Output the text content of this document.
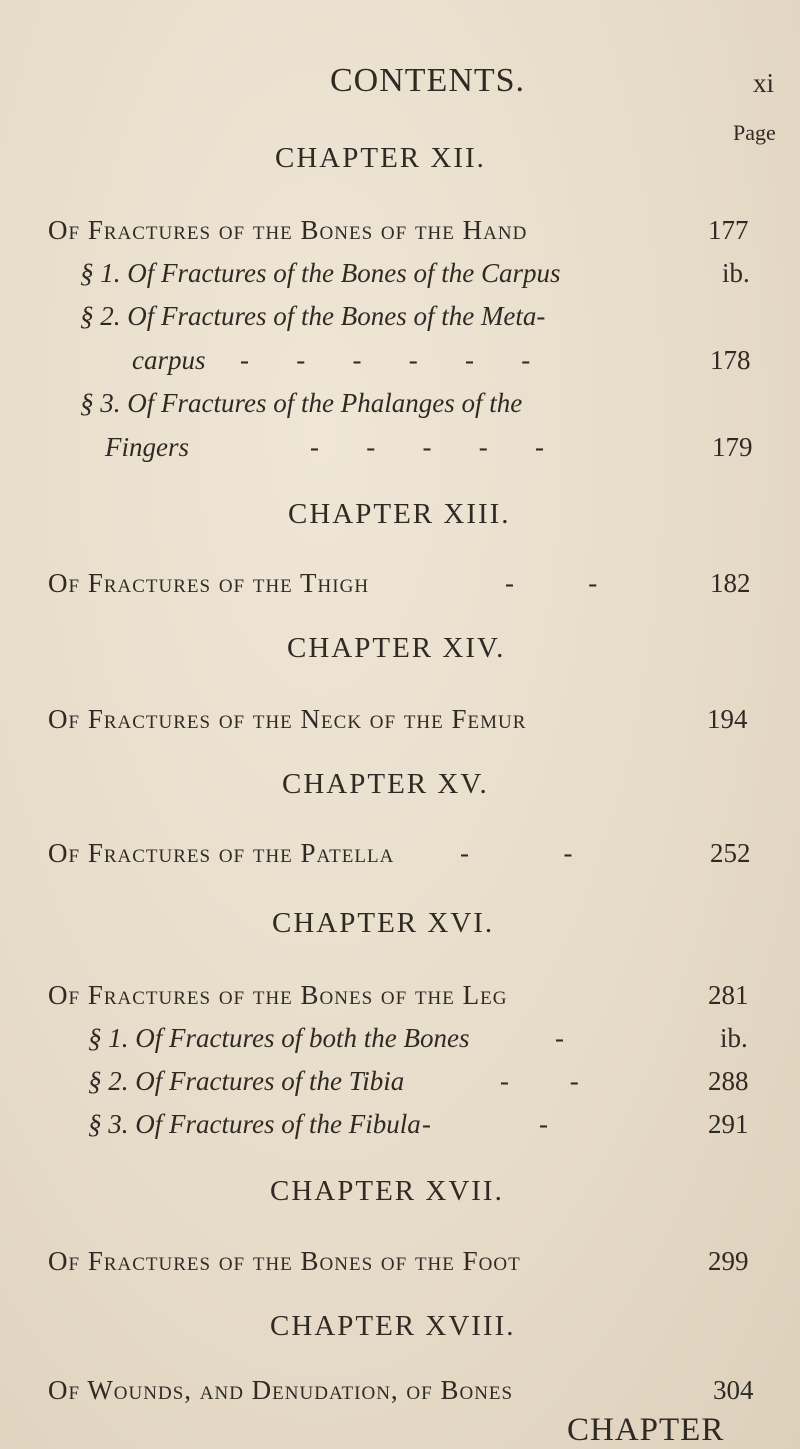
CONTENTS.	xi
Page
CHAPTER XII.
Of Fractures of the Bones of the Hand	177
§ 1. Of Fractures of the Bones of the Carpus	ib.
§ 2. Of Fractures of the Bones of the Meta-
carpus -       -       -       -       -       -	178
§ 3. Of Fractures of the Phalanges of the
Fingers	-       -       -       -       -	179
CHAPTER XIII.
Of Fractures of the Thigh	-           -	182
CHAPTER XIV.
Of Fractures of the Neck of the Femur	194
CHAPTER XV.
Of Fractures of the Patella -              -	252
CHAPTER XVI.
Of Fractures of the Bones of the Leg	281
§ 1. Of Fractures of both the Bones	-	ib.
§ 2. Of Fractures of the Tibia	-         -	288
§ 3. Of Fractures of the Fibula -                -	291
CHAPTER XVII.
Of Fractures of the Bones of the Foot	299
CHAPTER XVIII.
Of Wounds, and Denudation, of Bones	304
CHAPTER
